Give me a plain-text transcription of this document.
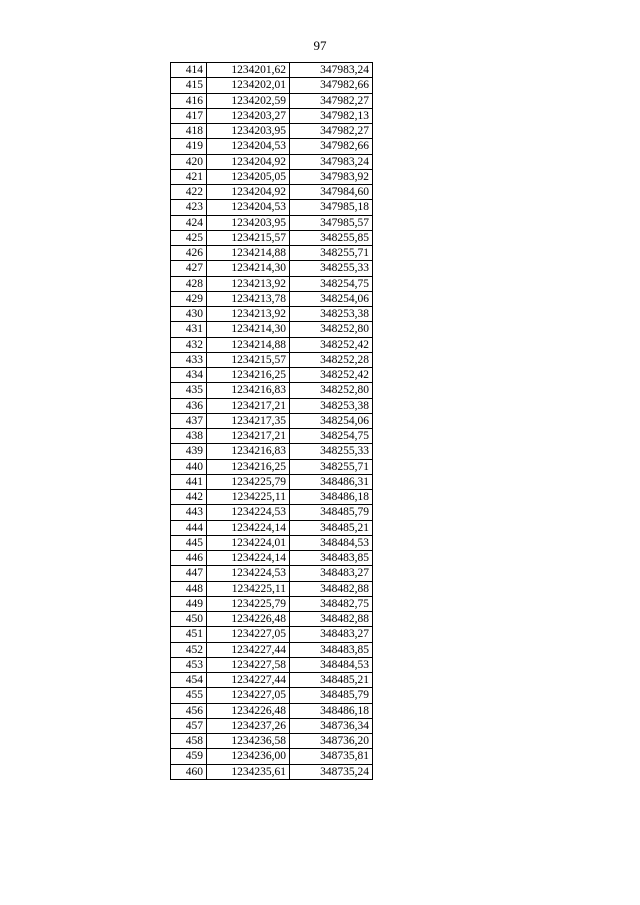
97
414	1234201,62	347983,24
415	1234202,01	347982,66
416	1234202,59	347982,27
417	1234203,27	347982,13
418	1234203,95	347982,27
419	1234204,53	347982,66
420	1234204,92	347983,24
421	1234205,05	347983,92
422	1234204,92	347984,60
423	1234204,53	347985,18
424	1234203,95	347985,57
425	1234215,57	348255,85
426	1234214,88	348255,71
427	1234214,30	348255,33
428	1234213,92	348254,75
429	1234213,78	348254,06
430	1234213,92	348253,38
431	1234214,30	348252,80
432	1234214,88	348252,42
433	1234215,57	348252,28
434	1234216,25	348252,42
435	1234216,83	348252,80
436	1234217,21	348253,38
437	1234217,35	348254,06
438	1234217,21	348254,75
439	1234216,83	348255,33
440	1234216,25	348255,71
441	1234225,79	348486,31
442	1234225,11	348486,18
443	1234224,53	348485,79
444	1234224,14	348485,21
445	1234224,01	348484,53
446	1234224,14	348483,85
447	1234224,53	348483,27
448	1234225,11	348482,88
449	1234225,79	348482,75
450	1234226,48	348482,88
451	1234227,05	348483,27
452	1234227,44	348483,85
453	1234227,58	348484,53
454	1234227,44	348485,21
455	1234227,05	348485,79
456	1234226,48	348486,18
457	1234237,26	348736,34
458	1234236,58	348736,20
459	1234236,00	348735,81
460	1234235,61	348735,24
